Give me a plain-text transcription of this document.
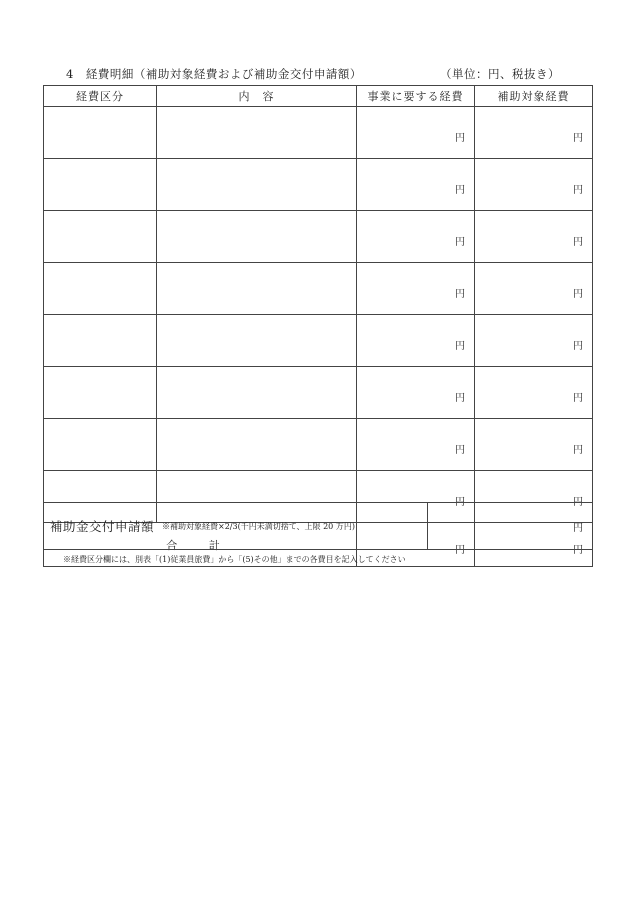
4　経費明細（補助対象経費および補助金交付申請額）	（単位：円、税抜き）
経費区分	内　容	事業に要する経費	補助対象経費
		円	円
		円	円
		円	円
		円	円
		円	円
		円	円
		円	円
		円	円
合 計		円	円
補助金交付申請額 ※補助対象経費×2/3(千円未満切捨て、上限 20 万円)	円
※経費区分欄には、別表「(1)従業員旅費」から「(5)その他」までの各費目を記入してください
